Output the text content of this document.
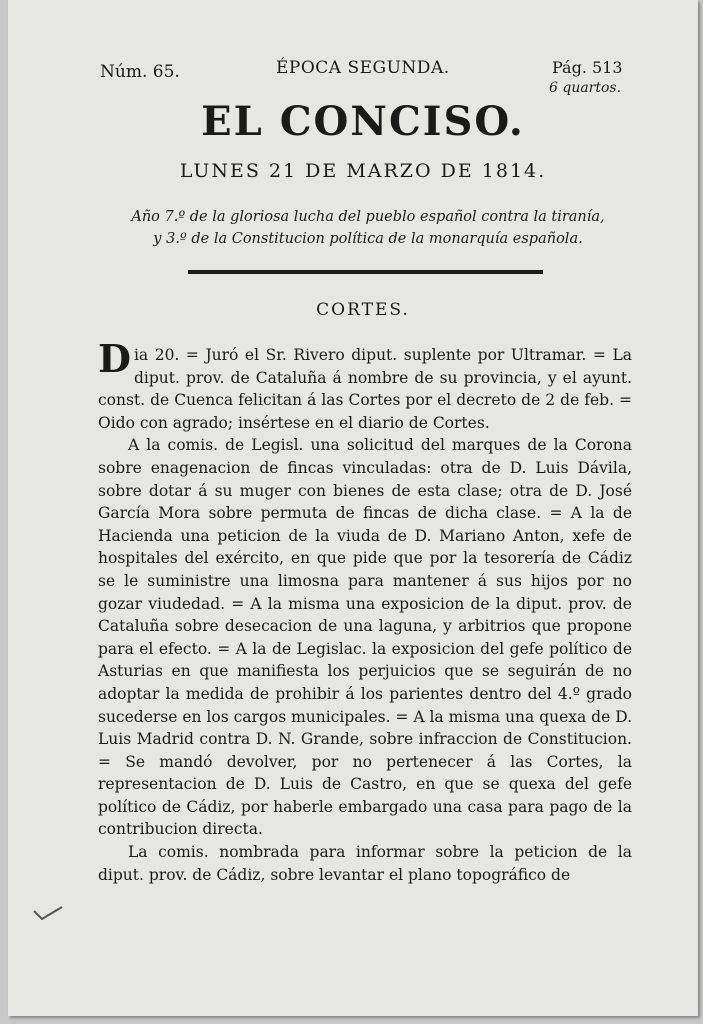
Núm. 65.	ÉPOCA SEGUNDA.	Pág. 513
6 quartos.
EL CONCISO.
LUNES 21 DE MARZO DE 1814.
Año 7.º de la gloriosa lucha del pueblo español contra la tiranía,
y 3.º de la Constitucion política de la monarquía española.
CORTES.

Dia 20. = Juró el Sr. Rivero diput. suplente por Ultramar. = La diput. prov. de Cataluña á nombre de su provincia, y el ayunt. const. de Cuenca felicitan á las Cortes por el decreto de 2 de feb. = Oido con agrado; insértese en el diario de Cortes.

A la comis. de Legisl. una solicitud del marques de la Corona sobre enagenacion de fincas vinculadas: otra de D. Luis Dávila, sobre dotar á su muger con bienes de esta clase; otra de D. José García Mora sobre permuta de fincas de dicha clase. = A la de Hacienda una peticion de la viuda de D. Mariano Anton, xefe de hospitales del exército, en que pide que por la tesorería de Cádiz se le suministre una limosna para mantener á sus hijos por no gozar viudedad. = A la misma una exposicion de la diput. prov. de Cataluña sobre desecacion de una laguna, y arbitrios que propone para el efecto. = A la de Legislac. la exposicion del gefe político de Asturias en que manifiesta los perjuicios que se seguirán de no adoptar la medida de prohibir á los parientes dentro del 4.º grado sucederse en los cargos municipales. = A la misma una quexa de D. Luis Madrid contra D. N. Grande, sobre infraccion de Constitucion. = Se mandó devolver, por no pertenecer á las Cortes, la representacion de D. Luis de Castro, en que se quexa del gefe político de Cádiz, por haberle embargado una casa para pago de la contribucion directa.

La comis. nombrada para informar sobre la peticion de la diput. prov. de Cádiz, sobre levantar el plano topográfico de
